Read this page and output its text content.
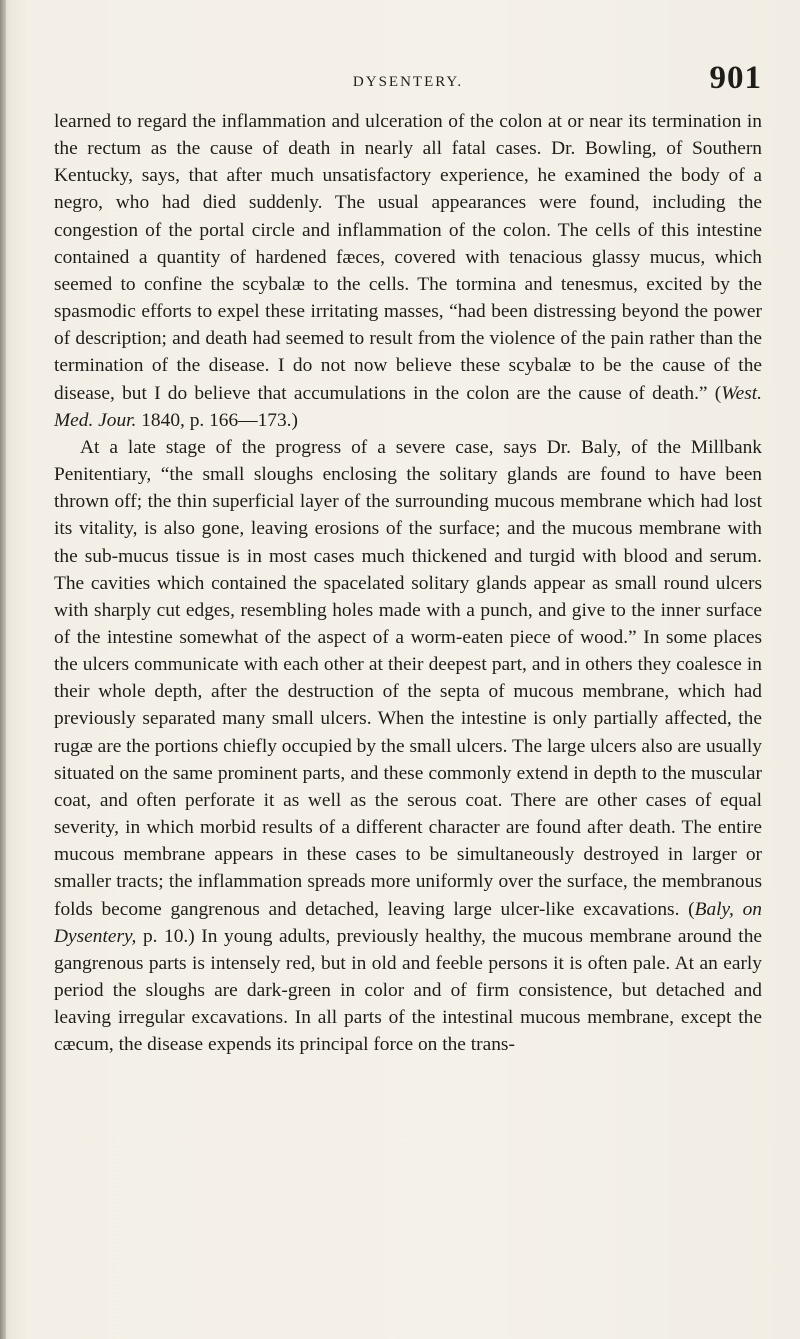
DYSENTERY.	901

learned to regard the inflammation and ulceration of the colon at or near its termination in the rectum as the cause of death in nearly all fatal cases. Dr. Bowling, of Southern Kentucky, says, that after much unsatisfactory experience, he examined the body of a negro, who had died suddenly. The usual appearances were found, including the congestion of the portal circle and inflammation of the colon. The cells of this intestine contained a quantity of hardened fæces, covered with tenacious glassy mucus, which seemed to confine the scybalæ to the cells. The tormina and tenesmus, excited by the spasmodic efforts to expel these irritating masses, “had been distressing beyond the power of description; and death had seemed to result from the violence of the pain rather than the termination of the disease. I do not now believe these scybalæ to be the cause of the disease, but I do believe that accumulations in the colon are the cause of death.” (West. Med. Jour. 1840, p. 166—173.)

At a late stage of the progress of a severe case, says Dr. Baly, of the Millbank Penitentiary, “the small sloughs enclosing the solitary glands are found to have been thrown off; the thin superficial layer of the surrounding mucous membrane which had lost its vitality, is also gone, leaving erosions of the surface; and the mucous membrane with the sub-mucus tissue is in most cases much thickened and turgid with blood and serum. The cavities which contained the spacelated solitary glands appear as small round ulcers with sharply cut edges, resembling holes made with a punch, and give to the inner surface of the intestine somewhat of the aspect of a worm-eaten piece of wood.” In some places the ulcers communicate with each other at their deepest part, and in others they coalesce in their whole depth, after the destruction of the septa of mucous membrane, which had previously separated many small ulcers. When the intestine is only partially affected, the rugæ are the portions chiefly occupied by the small ulcers. The large ulcers also are usually situated on the same prominent parts, and these commonly extend in depth to the muscular coat, and often perforate it as well as the serous coat. There are other cases of equal severity, in which morbid results of a different character are found after death. The entire mucous membrane appears in these cases to be simultaneously destroyed in larger or smaller tracts; the inflammation spreads more uniformly over the surface, the membranous folds become gangrenous and detached, leaving large ulcer-like excavations. (Baly, on Dysentery, p. 10.) In young adults, previously healthy, the mucous membrane around the gangrenous parts is intensely red, but in old and feeble persons it is often pale. At an early period the sloughs are dark-green in color and of firm consistence, but detached and leaving irregular excavations. In all parts of the intestinal mucous membrane, except the cæcum, the disease expends its principal force on the trans-
